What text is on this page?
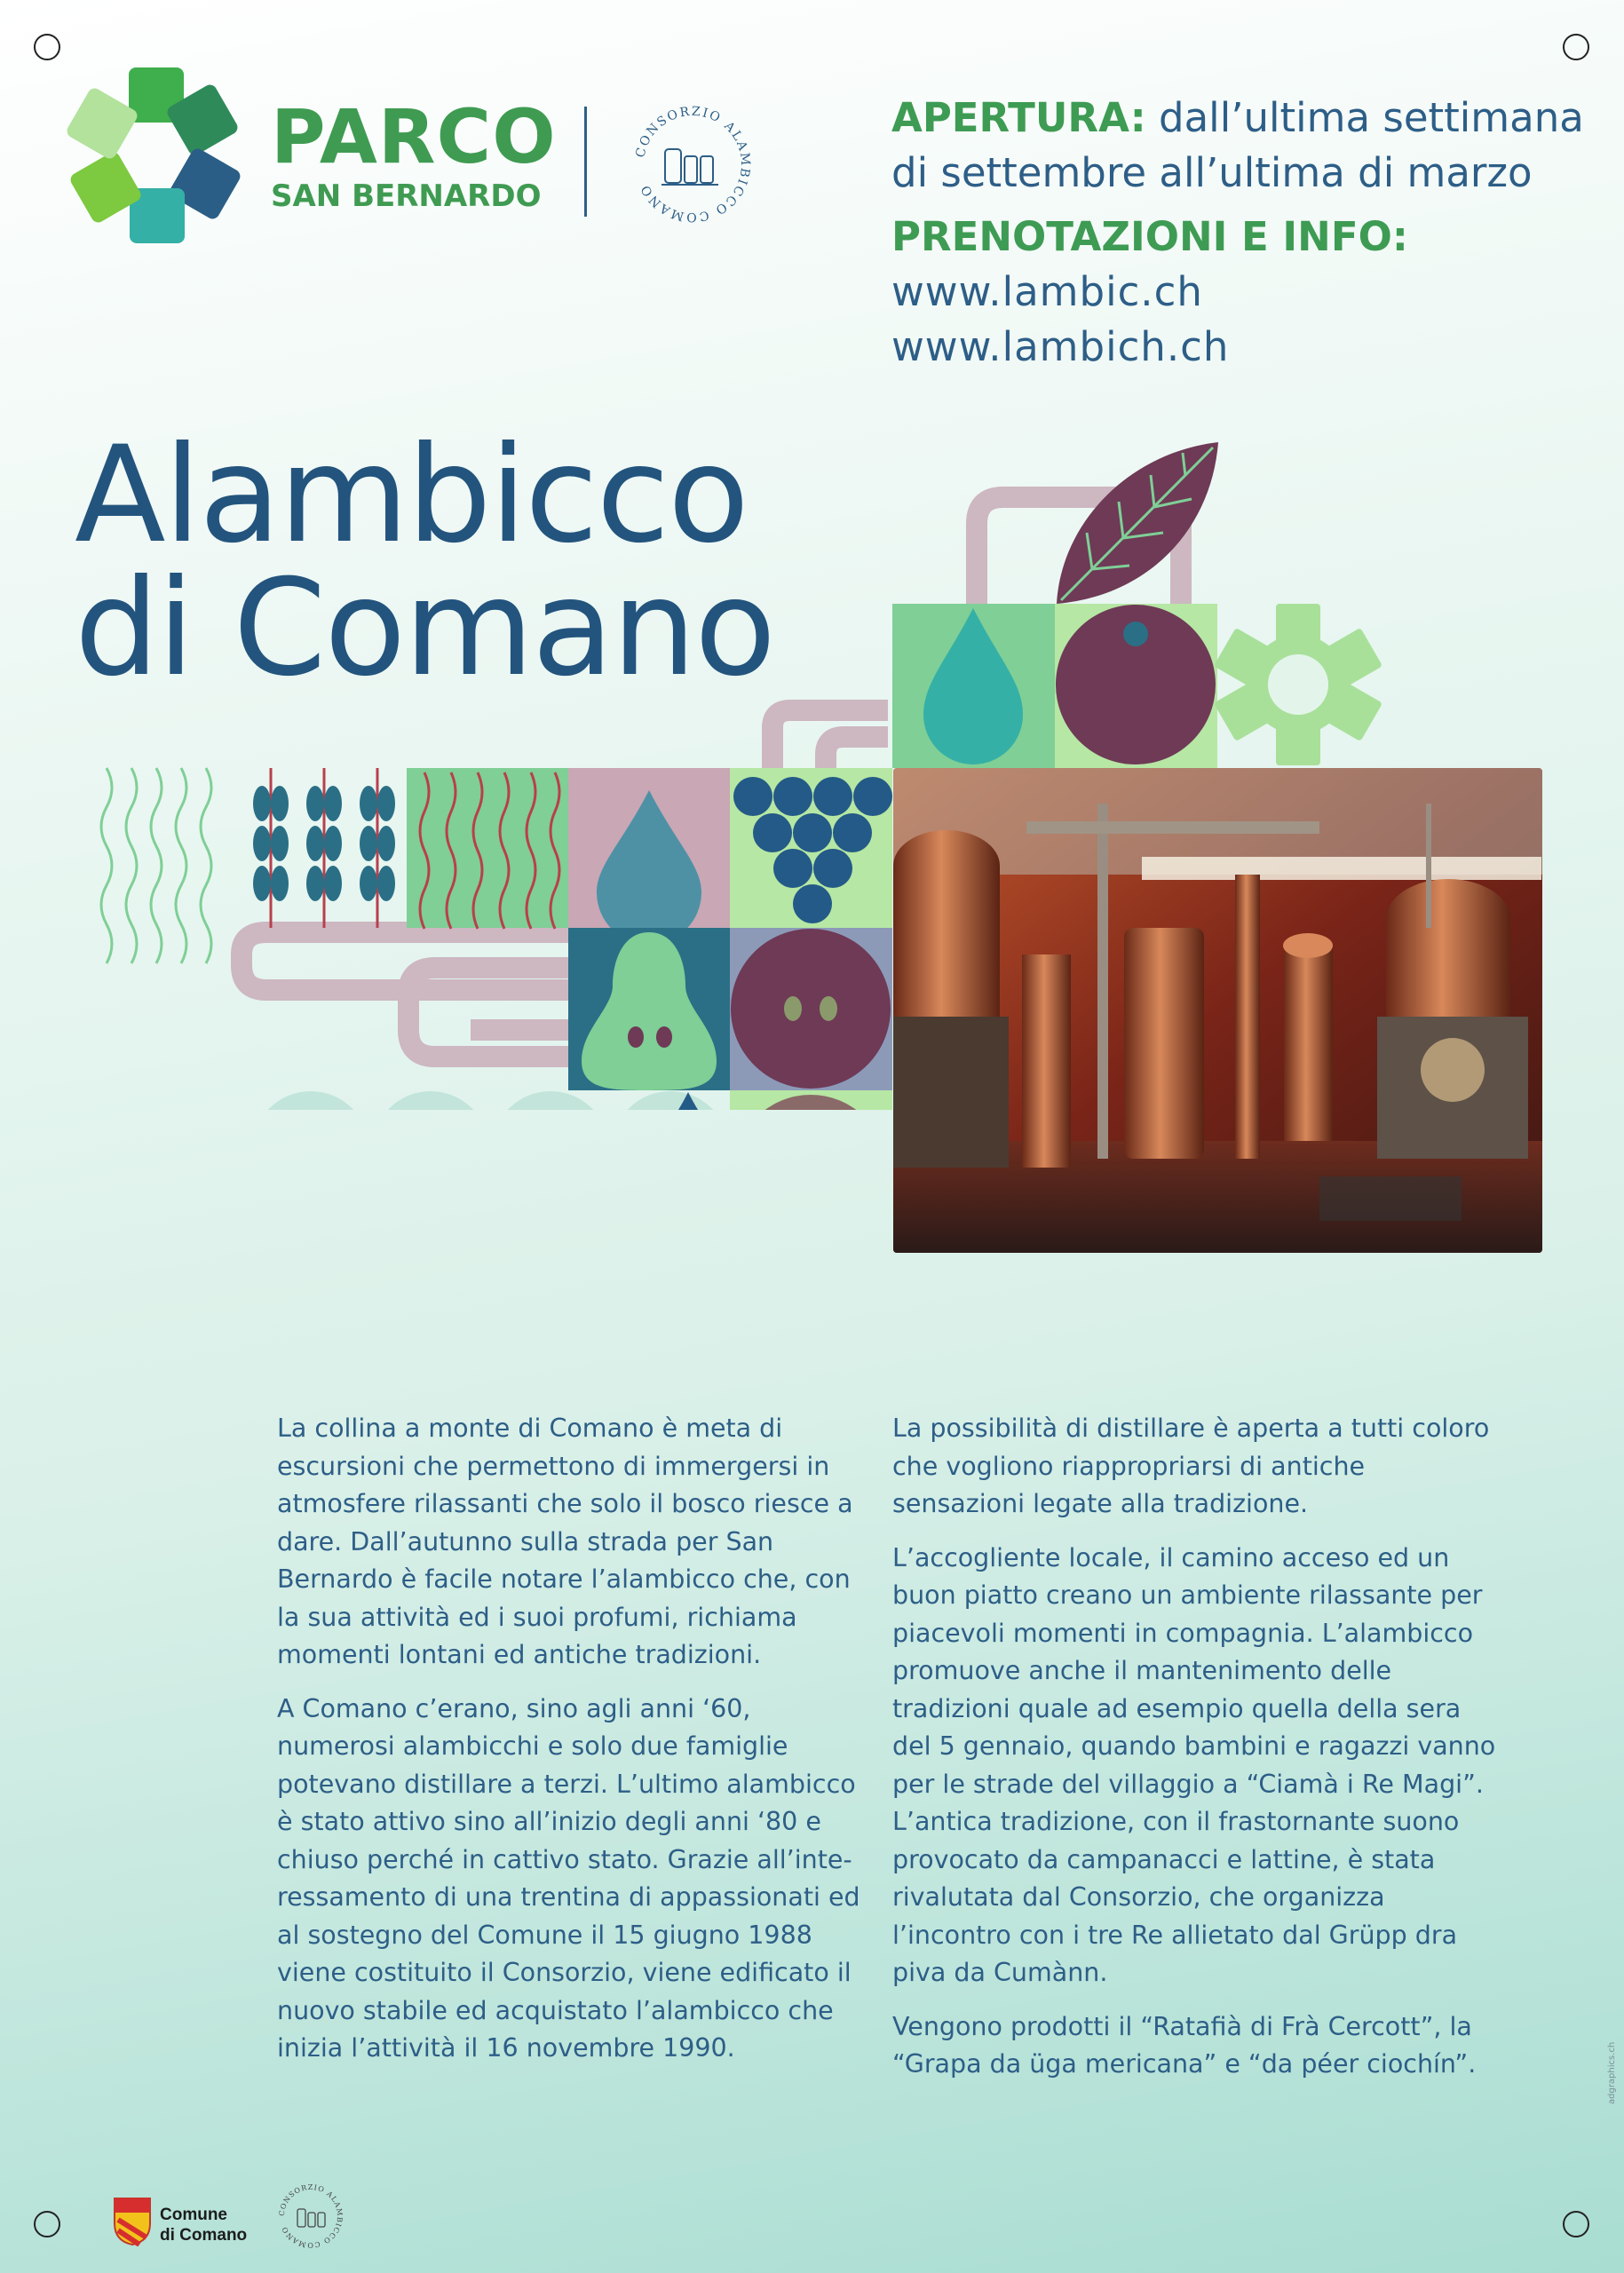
PARCO
SAN BERNARDO
CONSORZIO ALAMBICCO COMANO
APERTURA: dall’ultima settimana
di settembre all’ultima di marzo
PRENOTAZIONI E INFO:
www.lambic.ch
www.lambich.ch
Alambicco
di Comano

La collina a monte di Comano è meta di escursioni che permettono di immergersi in atmosfere rilassanti che solo il bosco riesce a dare. Dall’autunno sulla strada per San Bernardo è facile notare l’alambicco che, con la sua attività ed i suoi profumi, richiama momenti lontani ed antiche tradizioni.

A Comano c’erano, sino agli anni ‘60, numerosi alambicchi e solo due famiglie potevano distillare a terzi. L’ultimo alambicco è stato attivo sino all’inizio degli anni ‘80 e chiuso perché in cattivo stato. Grazie all’inte-ressamento di una trentina di appassionati ed al sostegno del Comune il 15 giugno 1988 viene costituito il Consorzio, viene edificato il nuovo stabile ed acquistato l’alambicco che inizia l’attività il 16 novembre 1990.

La possibilità di distillare è aperta a tutti coloro che vogliono riappropriarsi di antiche sensazioni legate alla tradizione.

L’accogliente locale, il camino acceso ed un buon piatto creano un ambiente rilassante per piacevoli momenti in compagnia. L’alambicco promuove anche il mantenimento delle tradizioni quale ad esempio quella della sera del 5 gennaio, quando bambini e ragazzi vanno per le strade del villaggio a “Ciamà i Re Magi”. L’antica tradizione, con il frastornante suono provocato da campanacci e lattine, è stata rivalutata dal Consorzio, che organizza l’incontro con i tre Re allietato dal Grüpp dra piva da Cumànn.

Vengono prodotti il “Ratafià di Frà Cercott”, la “Grapa da üga mericana” e “da péer ciochín”.

Comune
di Comano
CONSORZIO ALAMBICCO COMANO
adgraphics.ch
